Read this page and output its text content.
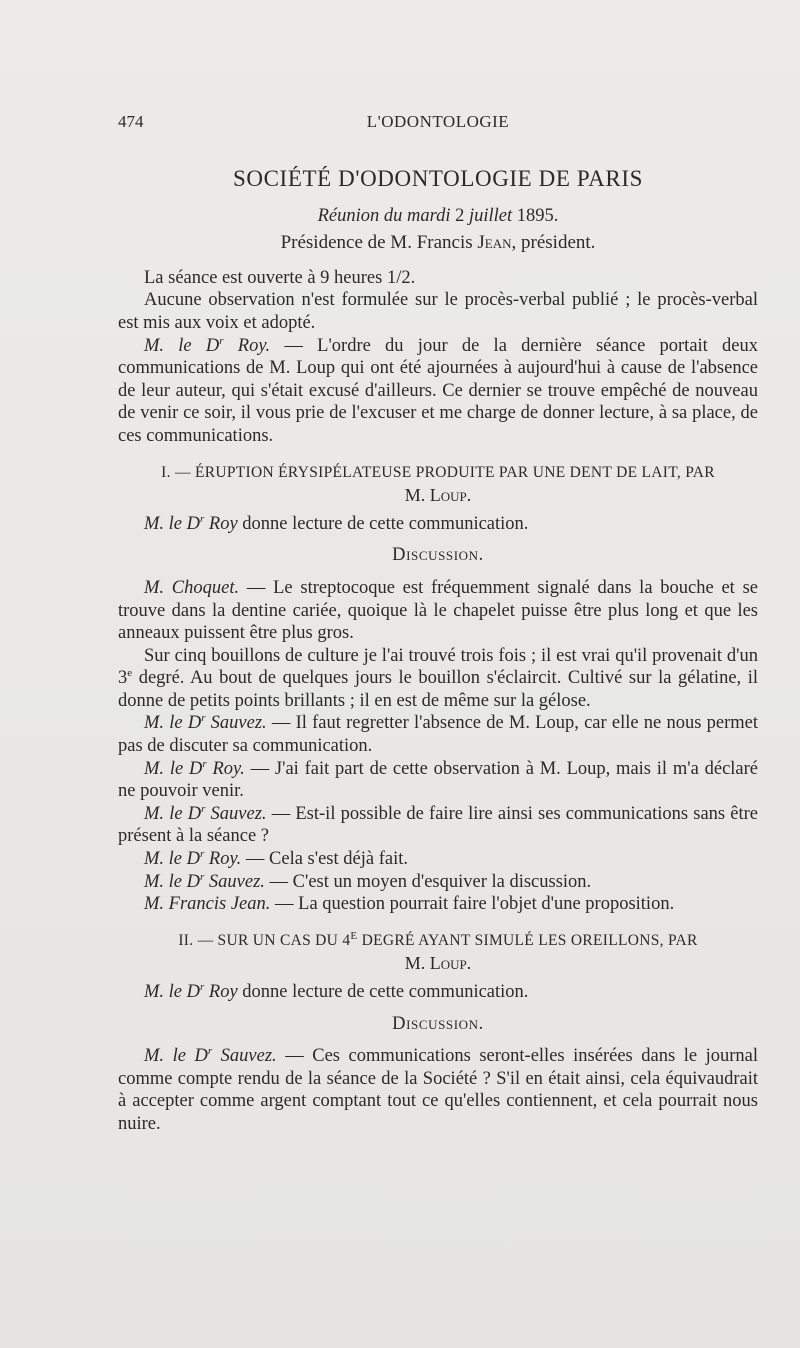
474	L'ODONTOLOGIE
SOCIÉTÉ D'ODONTOLOGIE DE PARIS
Réunion du mardi 2 juillet 1895.
Présidence de M. Francis Jean, président.

La séance est ouverte à 9 heures 1/2.

Aucune observation n'est formulée sur le procès-verbal publié ; le procès-verbal est mis aux voix et adopté.

M. le $D^r$ Roy. — L'ordre du jour de la dernière séance portait deux communications de M. Loup qui ont été ajournées à aujourd'hui à cause de l'absence de leur auteur, qui s'était excusé d'ailleurs. Ce dernier se trouve empêché de nouveau de venir ce soir, il vous prie de l'excuser et me charge de donner lecture, à sa place, de ces communications.

I. — ÉRUPTION ÉRYSIPÉLATEUSE PRODUITE PAR UNE DENT DE LAIT, PAR
M. Loup.

M. le $D^r$ Roy donne lecture de cette communication.

Discussion.

M. Choquet. — Le streptocoque est fréquemment signalé dans la bouche et se trouve dans la dentine cariée, quoique là le chapelet puisse être plus long et que les anneaux puissent être plus gros.

Sur cinq bouillons de culture je l'ai trouvé trois fois ; il est vrai qu'il provenait d'un 3e degré. Au bout de quelques jours le bouillon s'éclaircit. Cultivé sur la gélatine, il donne de petits points brillants ; il en est de même sur la gélose.

M. le $D^r$ Sauvez. — Il faut regretter l'absence de M. Loup, car elle ne nous permet pas de discuter sa communication.

M. le $D^r$ Roy. — J'ai fait part de cette observation à M. Loup, mais il m'a déclaré ne pouvoir venir.

M. le $D^r$ Sauvez. — Est-il possible de faire lire ainsi ses communications sans être présent à la séance ?

M. le $D^r$ Roy. — Cela s'est déjà fait.

M. le $D^r$ Sauvez. — C'est un moyen d'esquiver la discussion.

M. Francis Jean. — La question pourrait faire l'objet d'une proposition.

II. — SUR UN CAS DU $4^E$ DEGRÉ AYANT SIMULÉ LES OREILLONS, PAR
M. Loup.

M. le $D^r$ Roy donne lecture de cette communication.

Discussion.

M. le $D^r$ Sauvez. — Ces communications seront-elles insérées dans le journal comme compte rendu de la séance de la Société ? S'il en était ainsi, cela équivaudrait à accepter comme argent comptant tout ce qu'elles contiennent, et cela pourrait nous nuire.
